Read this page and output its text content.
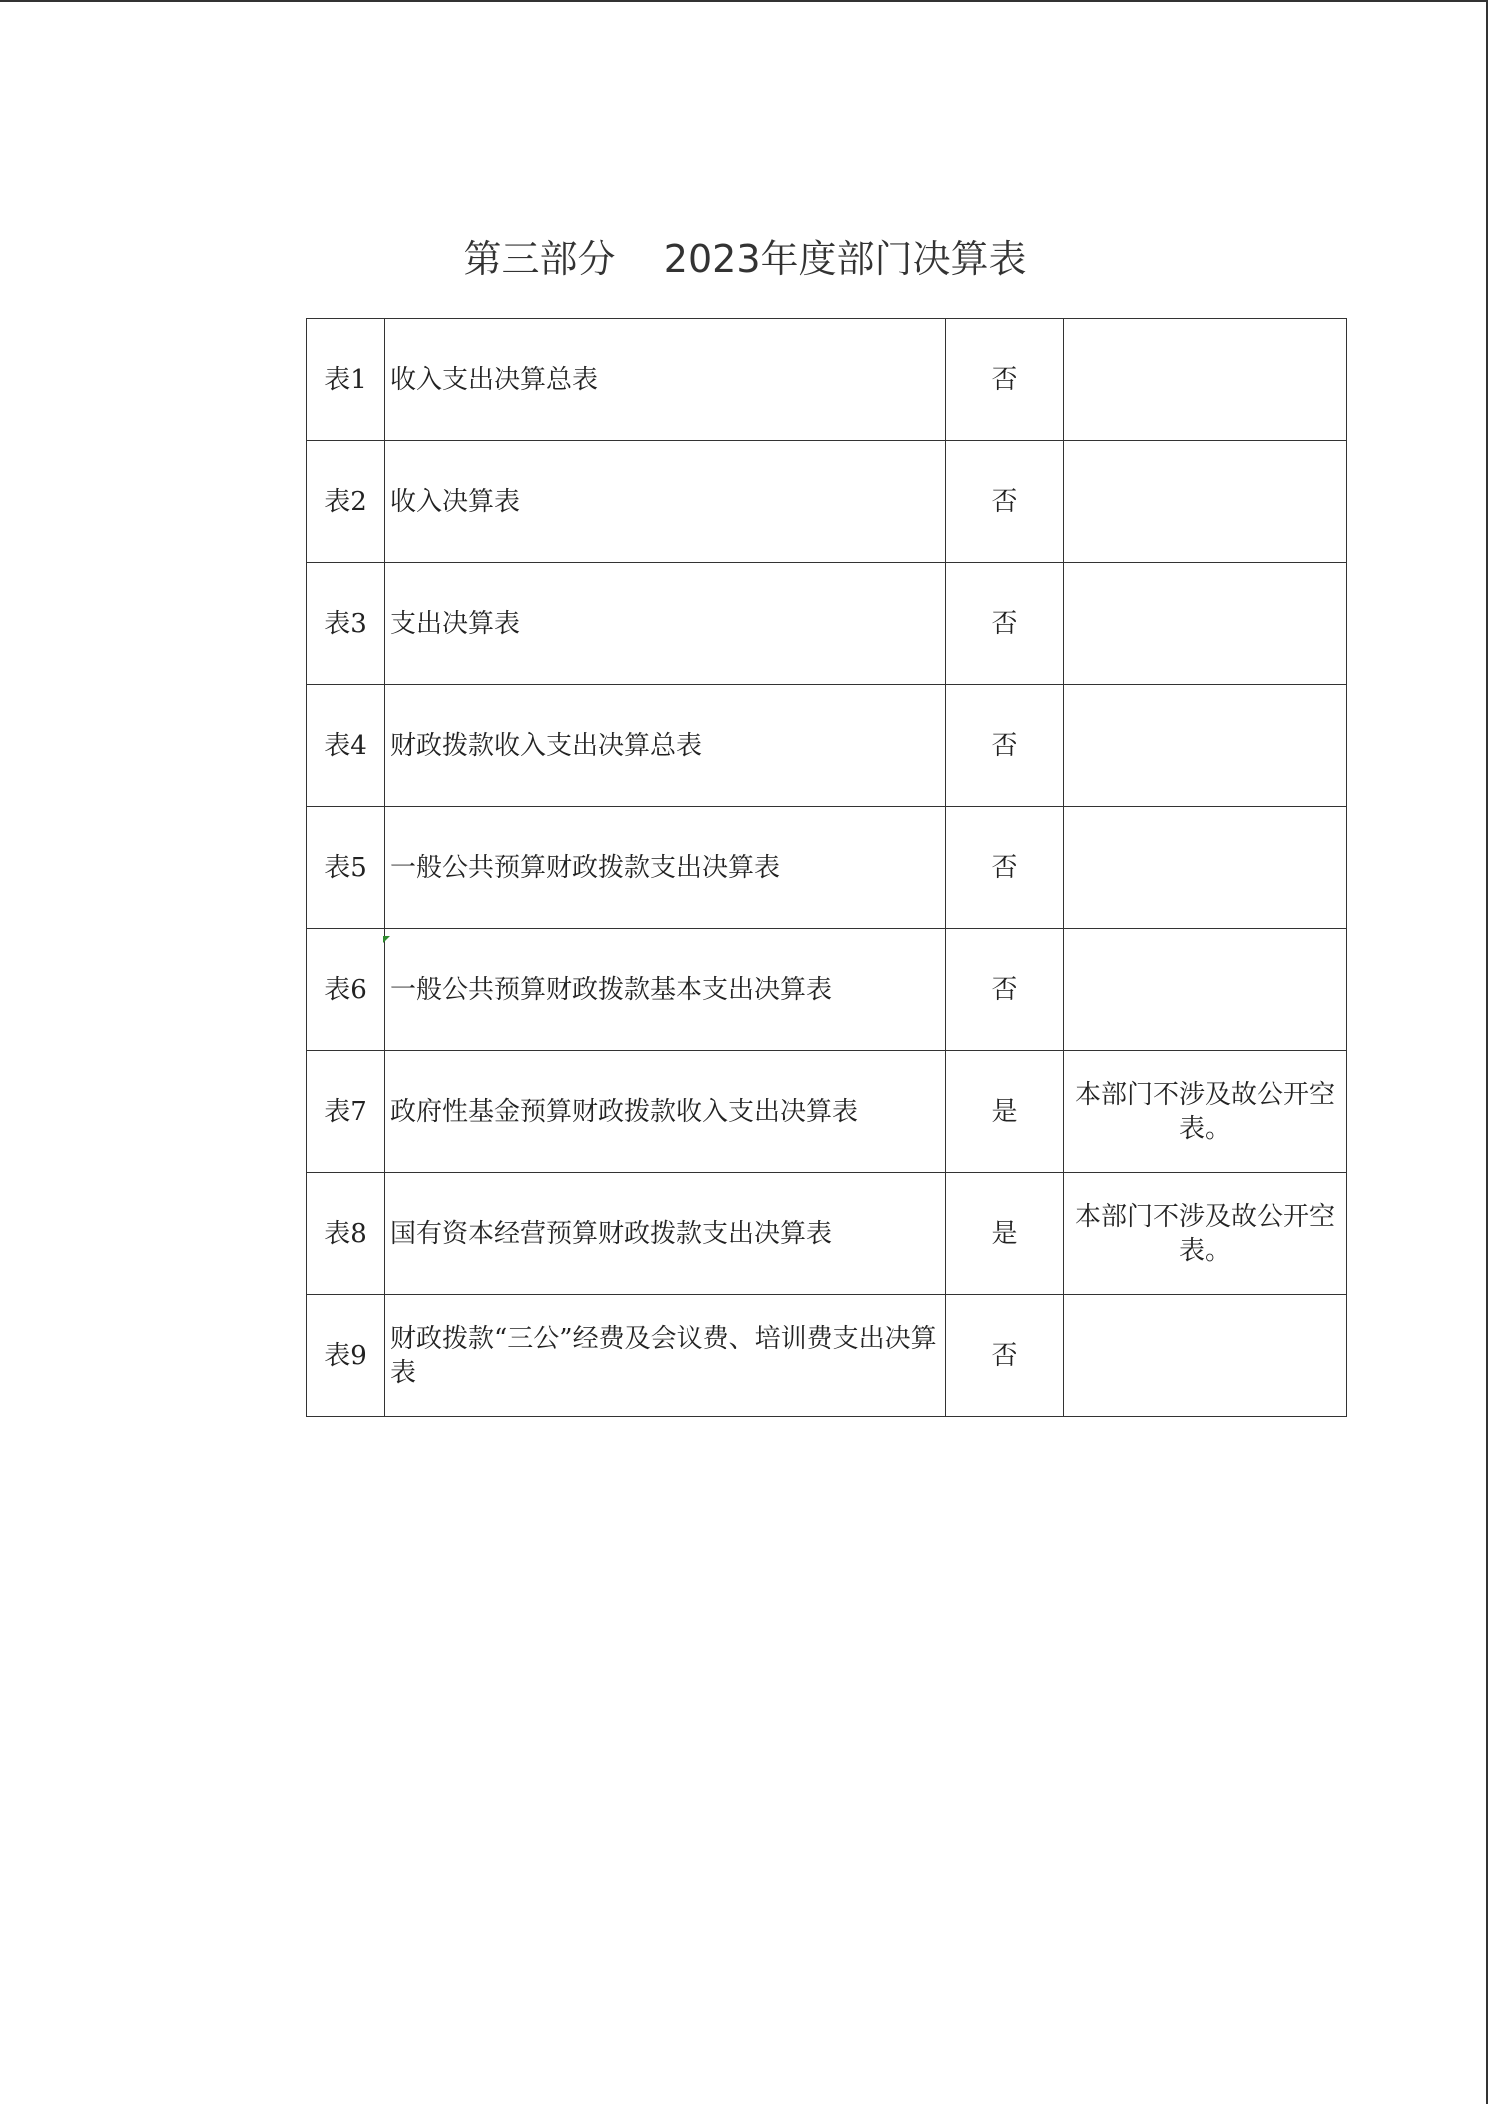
第三部分    2023年度部门决算表
表1	收入支出决算总表	否	
表2	收入决算表	否	
表3	支出决算表	否	
表4	财政拨款收入支出决算总表	否	
表5	一般公共预算财政拨款支出决算表	否	
表6	一般公共预算财政拨款基本支出决算表	否	
表7	政府性基金预算财政拨款收入支出决算表	是	本部门不涉及故公开空表。
表8	国有资本经营预算财政拨款支出决算表	是	本部门不涉及故公开空表。
表9	财政拨款“三公”经费及会议费、培训费支出决算表	否	
